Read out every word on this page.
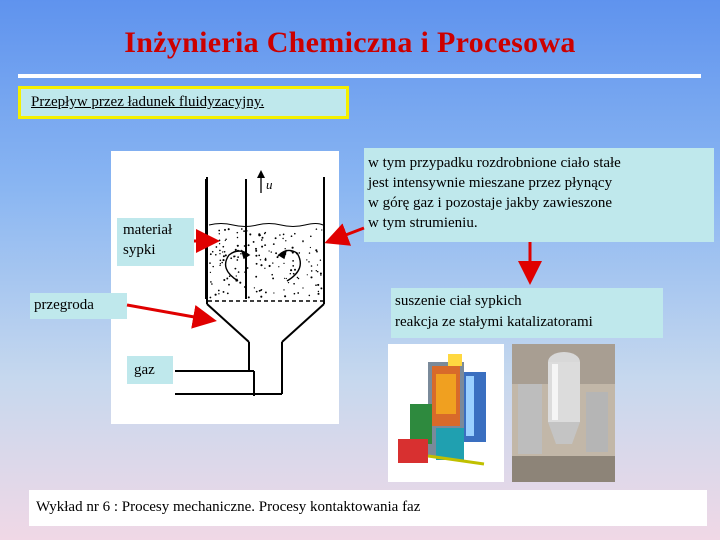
Inżynieria Chemiczna i Procesowa
Przepływ przez ładunek fluidyzacyjny.
u
materiał
sypki
przegroda
gaz
w tym przypadku rozdrobnione ciało stałe
jest intensywnie mieszane przez płynący
w górę gaz i pozostaje jakby zawieszone
w tym strumieniu.
suszenie ciał sypkich
reakcja ze stałymi katalizatorami
Wykład nr 6 : Procesy mechaniczne. Procesy kontaktowania faz
